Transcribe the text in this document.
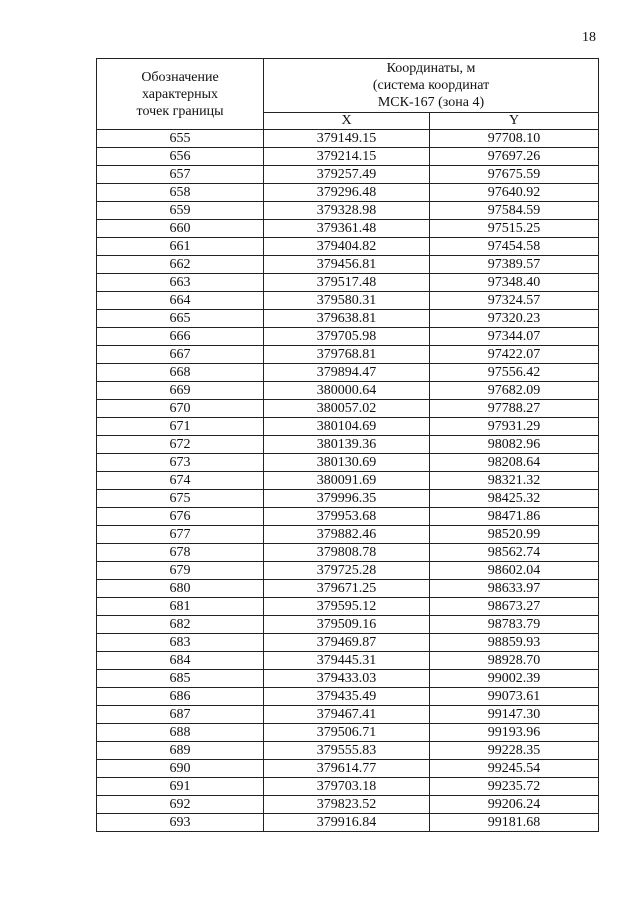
18
Обозначение
характерных
точек границы	Координаты, м
(система координат
МСК-167 (зона 4)	

	X	Y
655	379149.15	97708.10
656	379214.15	97697.26
657	379257.49	97675.59
658	379296.48	97640.92
659	379328.98	97584.59
660	379361.48	97515.25
661	379404.82	97454.58
662	379456.81	97389.57
663	379517.48	97348.40
664	379580.31	97324.57
665	379638.81	97320.23
666	379705.98	97344.07
667	379768.81	97422.07
668	379894.47	97556.42
669	380000.64	97682.09
670	380057.02	97788.27
671	380104.69	97931.29
672	380139.36	98082.96
673	380130.69	98208.64
674	380091.69	98321.32
675	379996.35	98425.32
676	379953.68	98471.86
677	379882.46	98520.99
678	379808.78	98562.74
679	379725.28	98602.04
680	379671.25	98633.97
681	379595.12	98673.27
682	379509.16	98783.79
683	379469.87	98859.93
684	379445.31	98928.70
685	379433.03	99002.39
686	379435.49	99073.61
687	379467.41	99147.30
688	379506.71	99193.96
689	379555.83	99228.35
690	379614.77	99245.54
691	379703.18	99235.72
692	379823.52	99206.24
693	379916.84	99181.68
